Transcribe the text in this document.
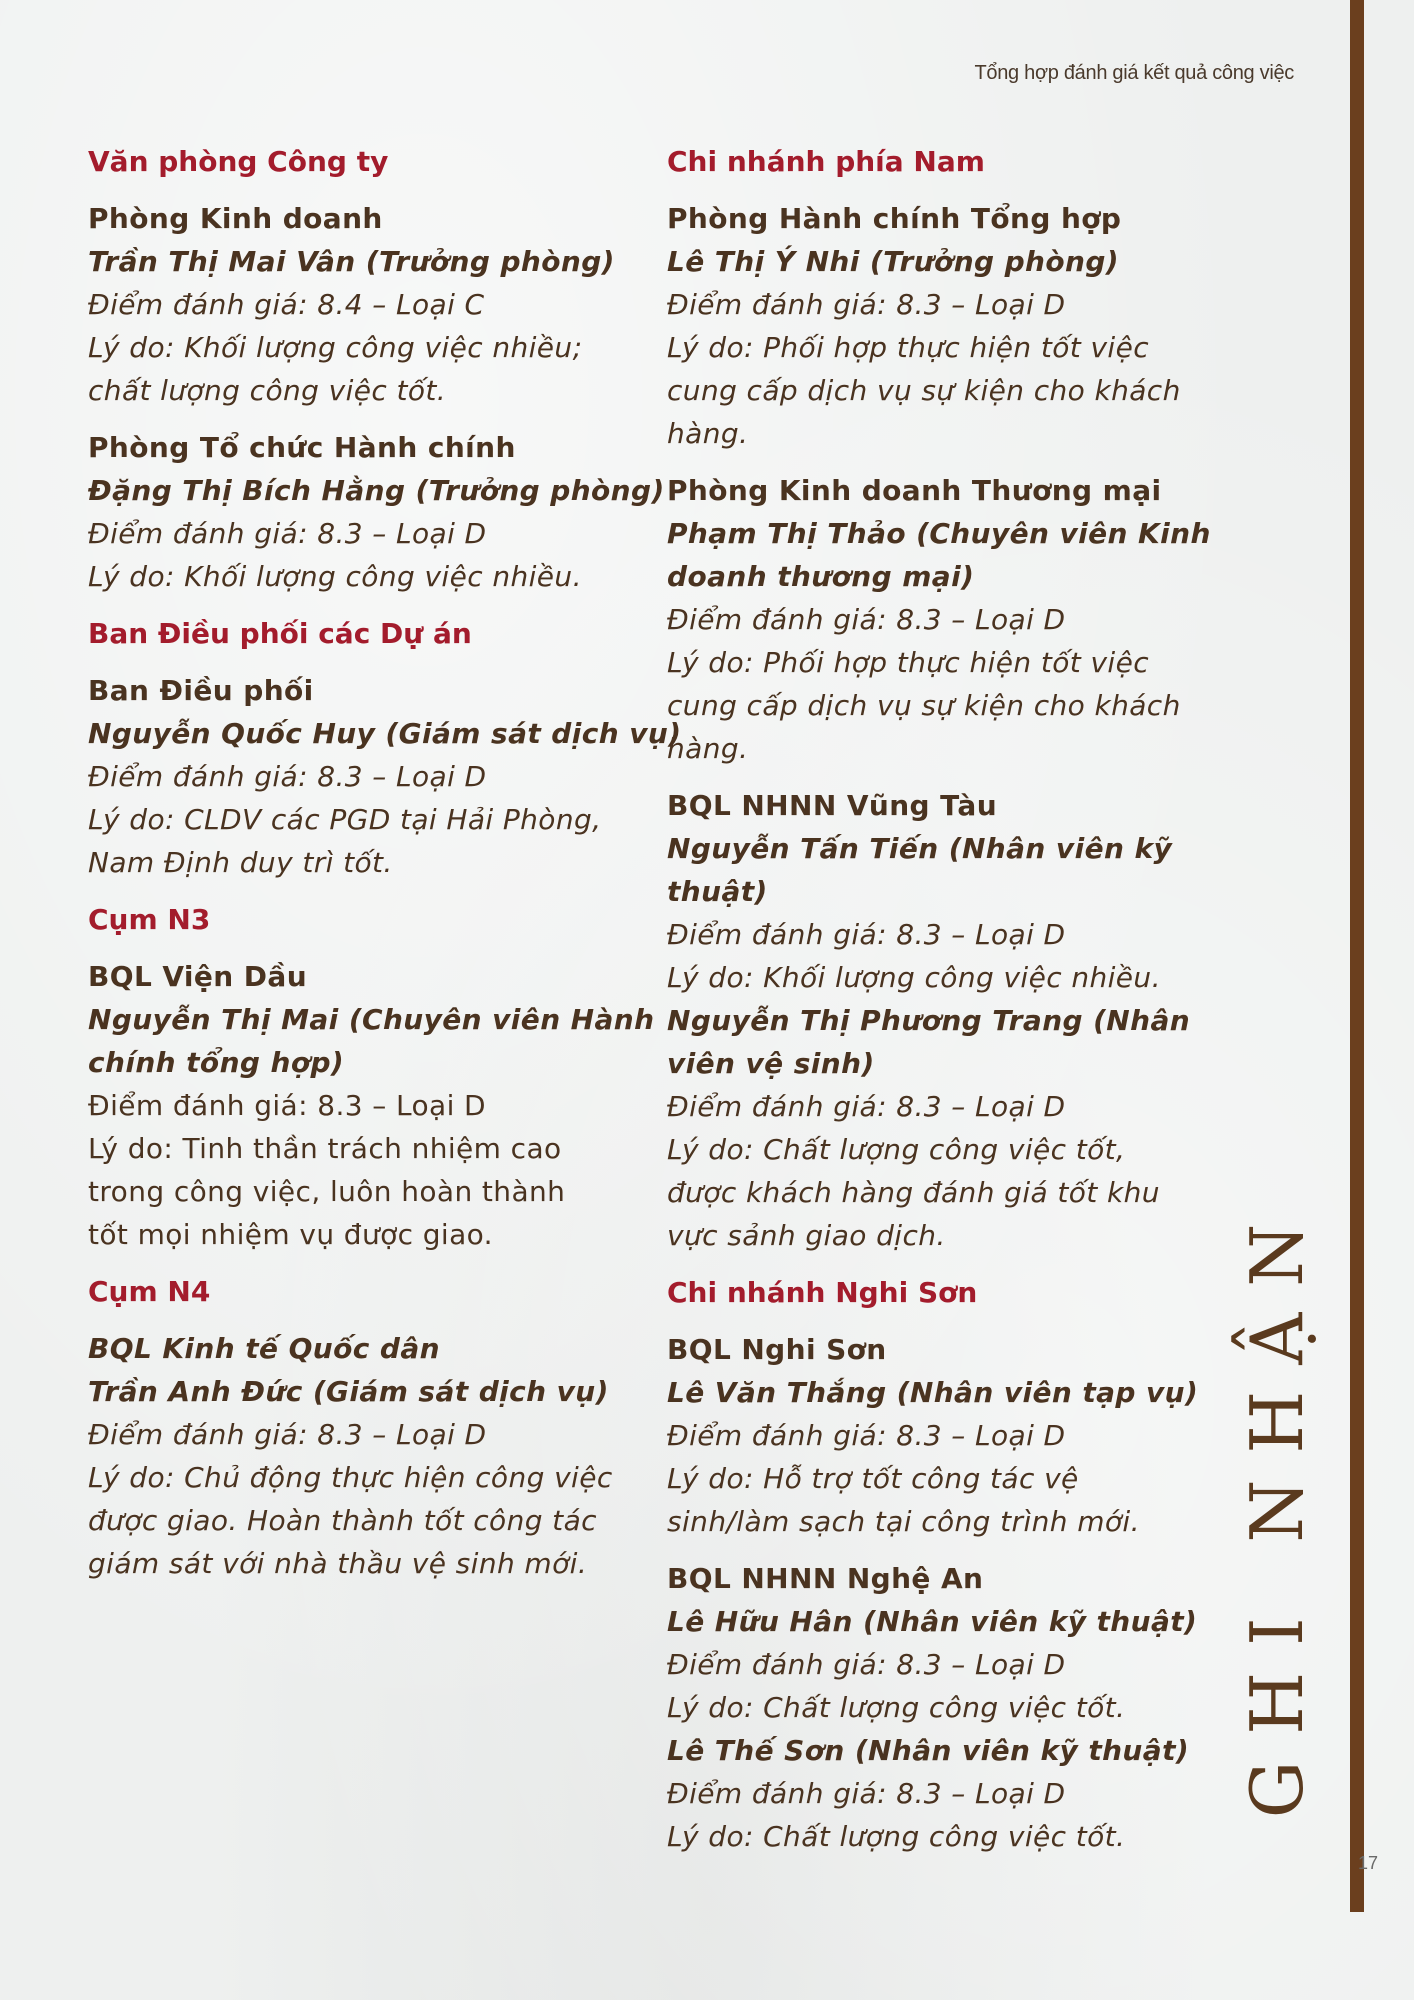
Tổng hợp đánh giá kết quả công việc
GHI NHẬN
17
Văn phòng Công ty
Phòng Kinh doanh
Trần Thị Mai Vân (Trưởng phòng)
Điểm đánh giá: 8.4 – Loại C
Lý do: Khối lượng công việc nhiều;
chất lượng công việc tốt.
Phòng Tổ chức Hành chính
Đặng Thị Bích Hằng (Trưởng phòng)
Điểm đánh giá: 8.3 – Loại D
Lý do: Khối lượng công việc nhiều.
Ban Điều phối các Dự án
Ban Điều phối
Nguyễn Quốc Huy (Giám sát dịch vụ)
Điểm đánh giá: 8.3 – Loại D
Lý do: CLDV các PGD tại Hải Phòng,
Nam Định duy trì tốt.
Cụm N3
BQL Viện Dầu
Nguyễn Thị Mai (Chuyên viên Hành
chính tổng hợp)
Điểm đánh giá: 8.3 – Loại D
Lý do: Tinh thần trách nhiệm cao
trong công việc, luôn hoàn thành
tốt mọi nhiệm vụ được giao.
Cụm N4
BQL Kinh tế Quốc dân
Trần Anh Đức (Giám sát dịch vụ)
Điểm đánh giá: 8.3 – Loại D
Lý do: Chủ động thực hiện công việc
được giao. Hoàn thành tốt công tác
giám sát với nhà thầu vệ sinh mới.
Chi nhánh phía Nam
Phòng Hành chính Tổng hợp
Lê Thị Ý Nhi (Trưởng phòng)
Điểm đánh giá: 8.3 – Loại D
Lý do: Phối hợp thực hiện tốt việc
cung cấp dịch vụ sự kiện cho khách
hàng.
Phòng Kinh doanh Thương mại
Phạm Thị Thảo (Chuyên viên Kinh
doanh thương mại)
Điểm đánh giá: 8.3 – Loại D
Lý do: Phối hợp thực hiện tốt việc
cung cấp dịch vụ sự kiện cho khách
hàng.
BQL NHNN Vũng Tàu
Nguyễn Tấn Tiến (Nhân viên kỹ
thuật)
Điểm đánh giá: 8.3 – Loại D
Lý do: Khối lượng công việc nhiều.
Nguyễn Thị Phương Trang (Nhân
viên vệ sinh)
Điểm đánh giá: 8.3 – Loại D
Lý do: Chất lượng công việc tốt,
được khách hàng đánh giá tốt khu
vực sảnh giao dịch.
Chi nhánh Nghi Sơn
BQL Nghi Sơn
Lê Văn Thắng (Nhân viên tạp vụ)
Điểm đánh giá: 8.3 – Loại D
Lý do: Hỗ trợ tốt công tác vệ
sinh/làm sạch tại công trình mới.
BQL NHNN Nghệ An
Lê Hữu Hân (Nhân viên kỹ thuật)
Điểm đánh giá: 8.3 – Loại D
Lý do: Chất lượng công việc tốt.
Lê Thế Sơn (Nhân viên kỹ thuật)
Điểm đánh giá: 8.3 – Loại D
Lý do: Chất lượng công việc tốt.
